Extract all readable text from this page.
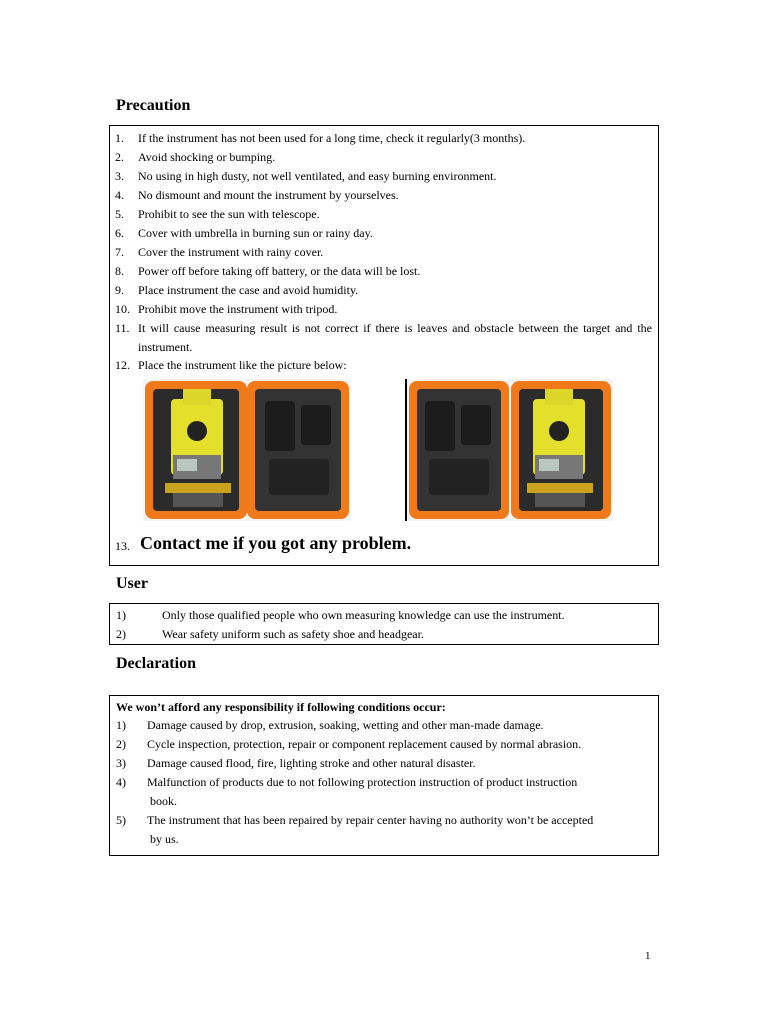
Precaution
1. If the instrument has not been used for a long time, check it regularly(3 months).
2. Avoid shocking or bumping.
3. No using in high dusty, not well ventilated, and easy burning environment.
4. No dismount and mount the instrument by yourselves.
5. Prohibit to see the sun with telescope.
6. Cover with umbrella in burning sun or rainy day.
7. Cover the instrument with rainy cover.
8. Power off before taking off battery, or the data will be lost.
9. Place instrument the case and avoid humidity.
10. Prohibit move the instrument with tripod.
11. It will cause measuring result is not correct if there is leaves and obstacle between the target and the instrument.
12. Place the instrument like the picture below:
13. Contact me if you got any problem.
User
1)	Only those qualified people who own measuring knowledge can use the instrument.
2)	Wear safety uniform such as safety shoe and headgear.
Declaration
We won’t afford any responsibility if following conditions occur:
1) Damage caused by drop, extrusion, soaking, wetting and other man-made damage.
2) Cycle inspection, protection, repair or component replacement caused by normal abrasion.
3) Damage caused flood, fire, lighting stroke and other natural disaster.
4) Malfunction of products due to not following protection instruction of product instruction
book.
5) The instrument that has been repaired by repair center having no authority won’t be accepted
by us.
1
